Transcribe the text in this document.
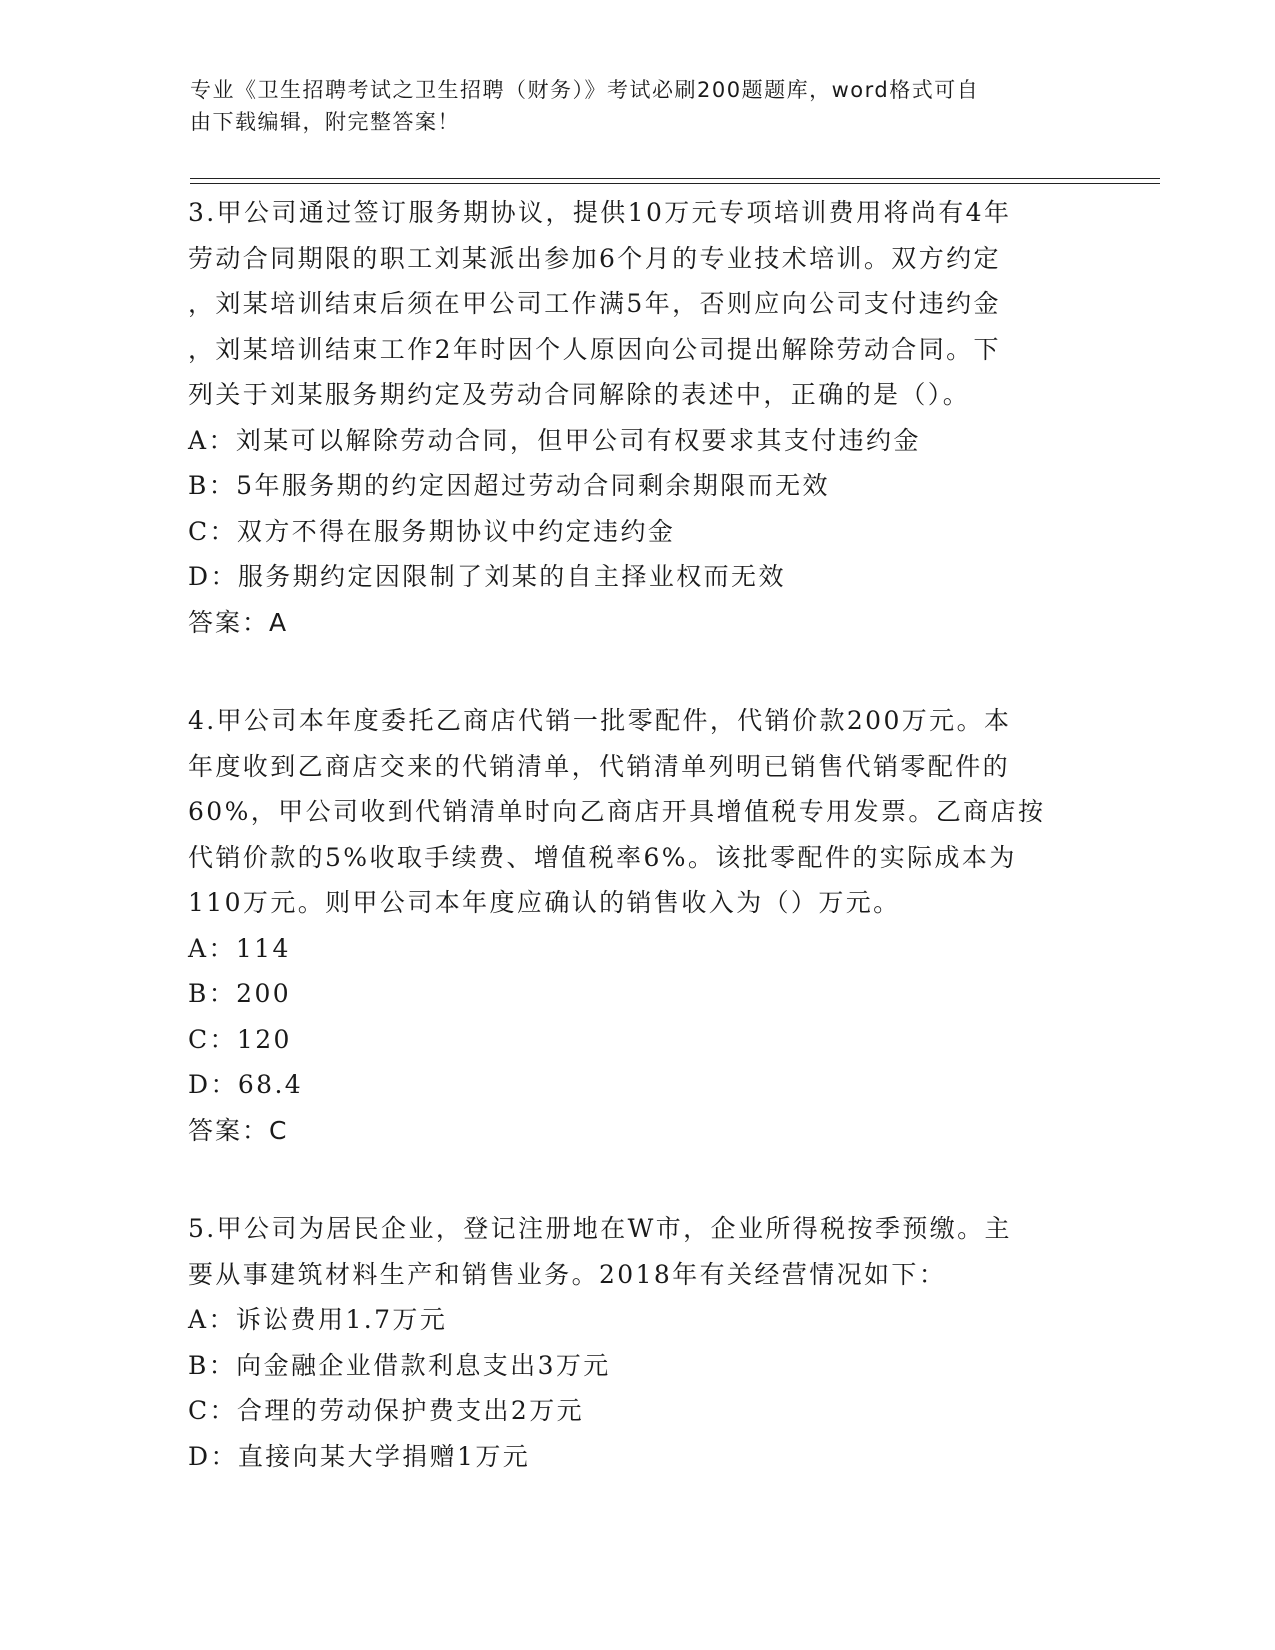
专业《卫生招聘考试之卫生招聘（财务）》考试必刷200题题库，word格式可自
由下载编辑，附完整答案！
3.甲公司通过签订服务期协议，提供10万元专项培训费用将尚有4年
劳动合同期限的职工刘某派出参加6个月的专业技术培训。双方约定
，刘某培训结束后须在甲公司工作满5年，否则应向公司支付违约金
，刘某培训结束工作2年时因个人原因向公司提出解除劳动合同。下
列关于刘某服务期约定及劳动合同解除的表述中，正确的是（）。
A：刘某可以解除劳动合同，但甲公司有权要求其支付违约金
B：5年服务期的约定因超过劳动合同剩余期限而无效
C：双方不得在服务期协议中约定违约金
D：服务期约定因限制了刘某的自主择业权而无效
答案：A
4.甲公司本年度委托乙商店代销一批零配件，代销价款200万元。本
年度收到乙商店交来的代销清单，代销清单列明已销售代销零配件的
60%，甲公司收到代销清单时向乙商店开具增值税专用发票。乙商店按
代销价款的5%收取手续费、增值税率6%。该批零配件的实际成本为
110万元。则甲公司本年度应确认的销售收入为（）万元。
A：114
B：200
C：120
D：68.4
答案：C
5.甲公司为居民企业，登记注册地在W市，企业所得税按季预缴。主
要从事建筑材料生产和销售业务。2018年有关经营情况如下：
A：诉讼费用1.7万元
B：向金融企业借款利息支出3万元
C：合理的劳动保护费支出2万元
D：直接向某大学捐赠1万元
